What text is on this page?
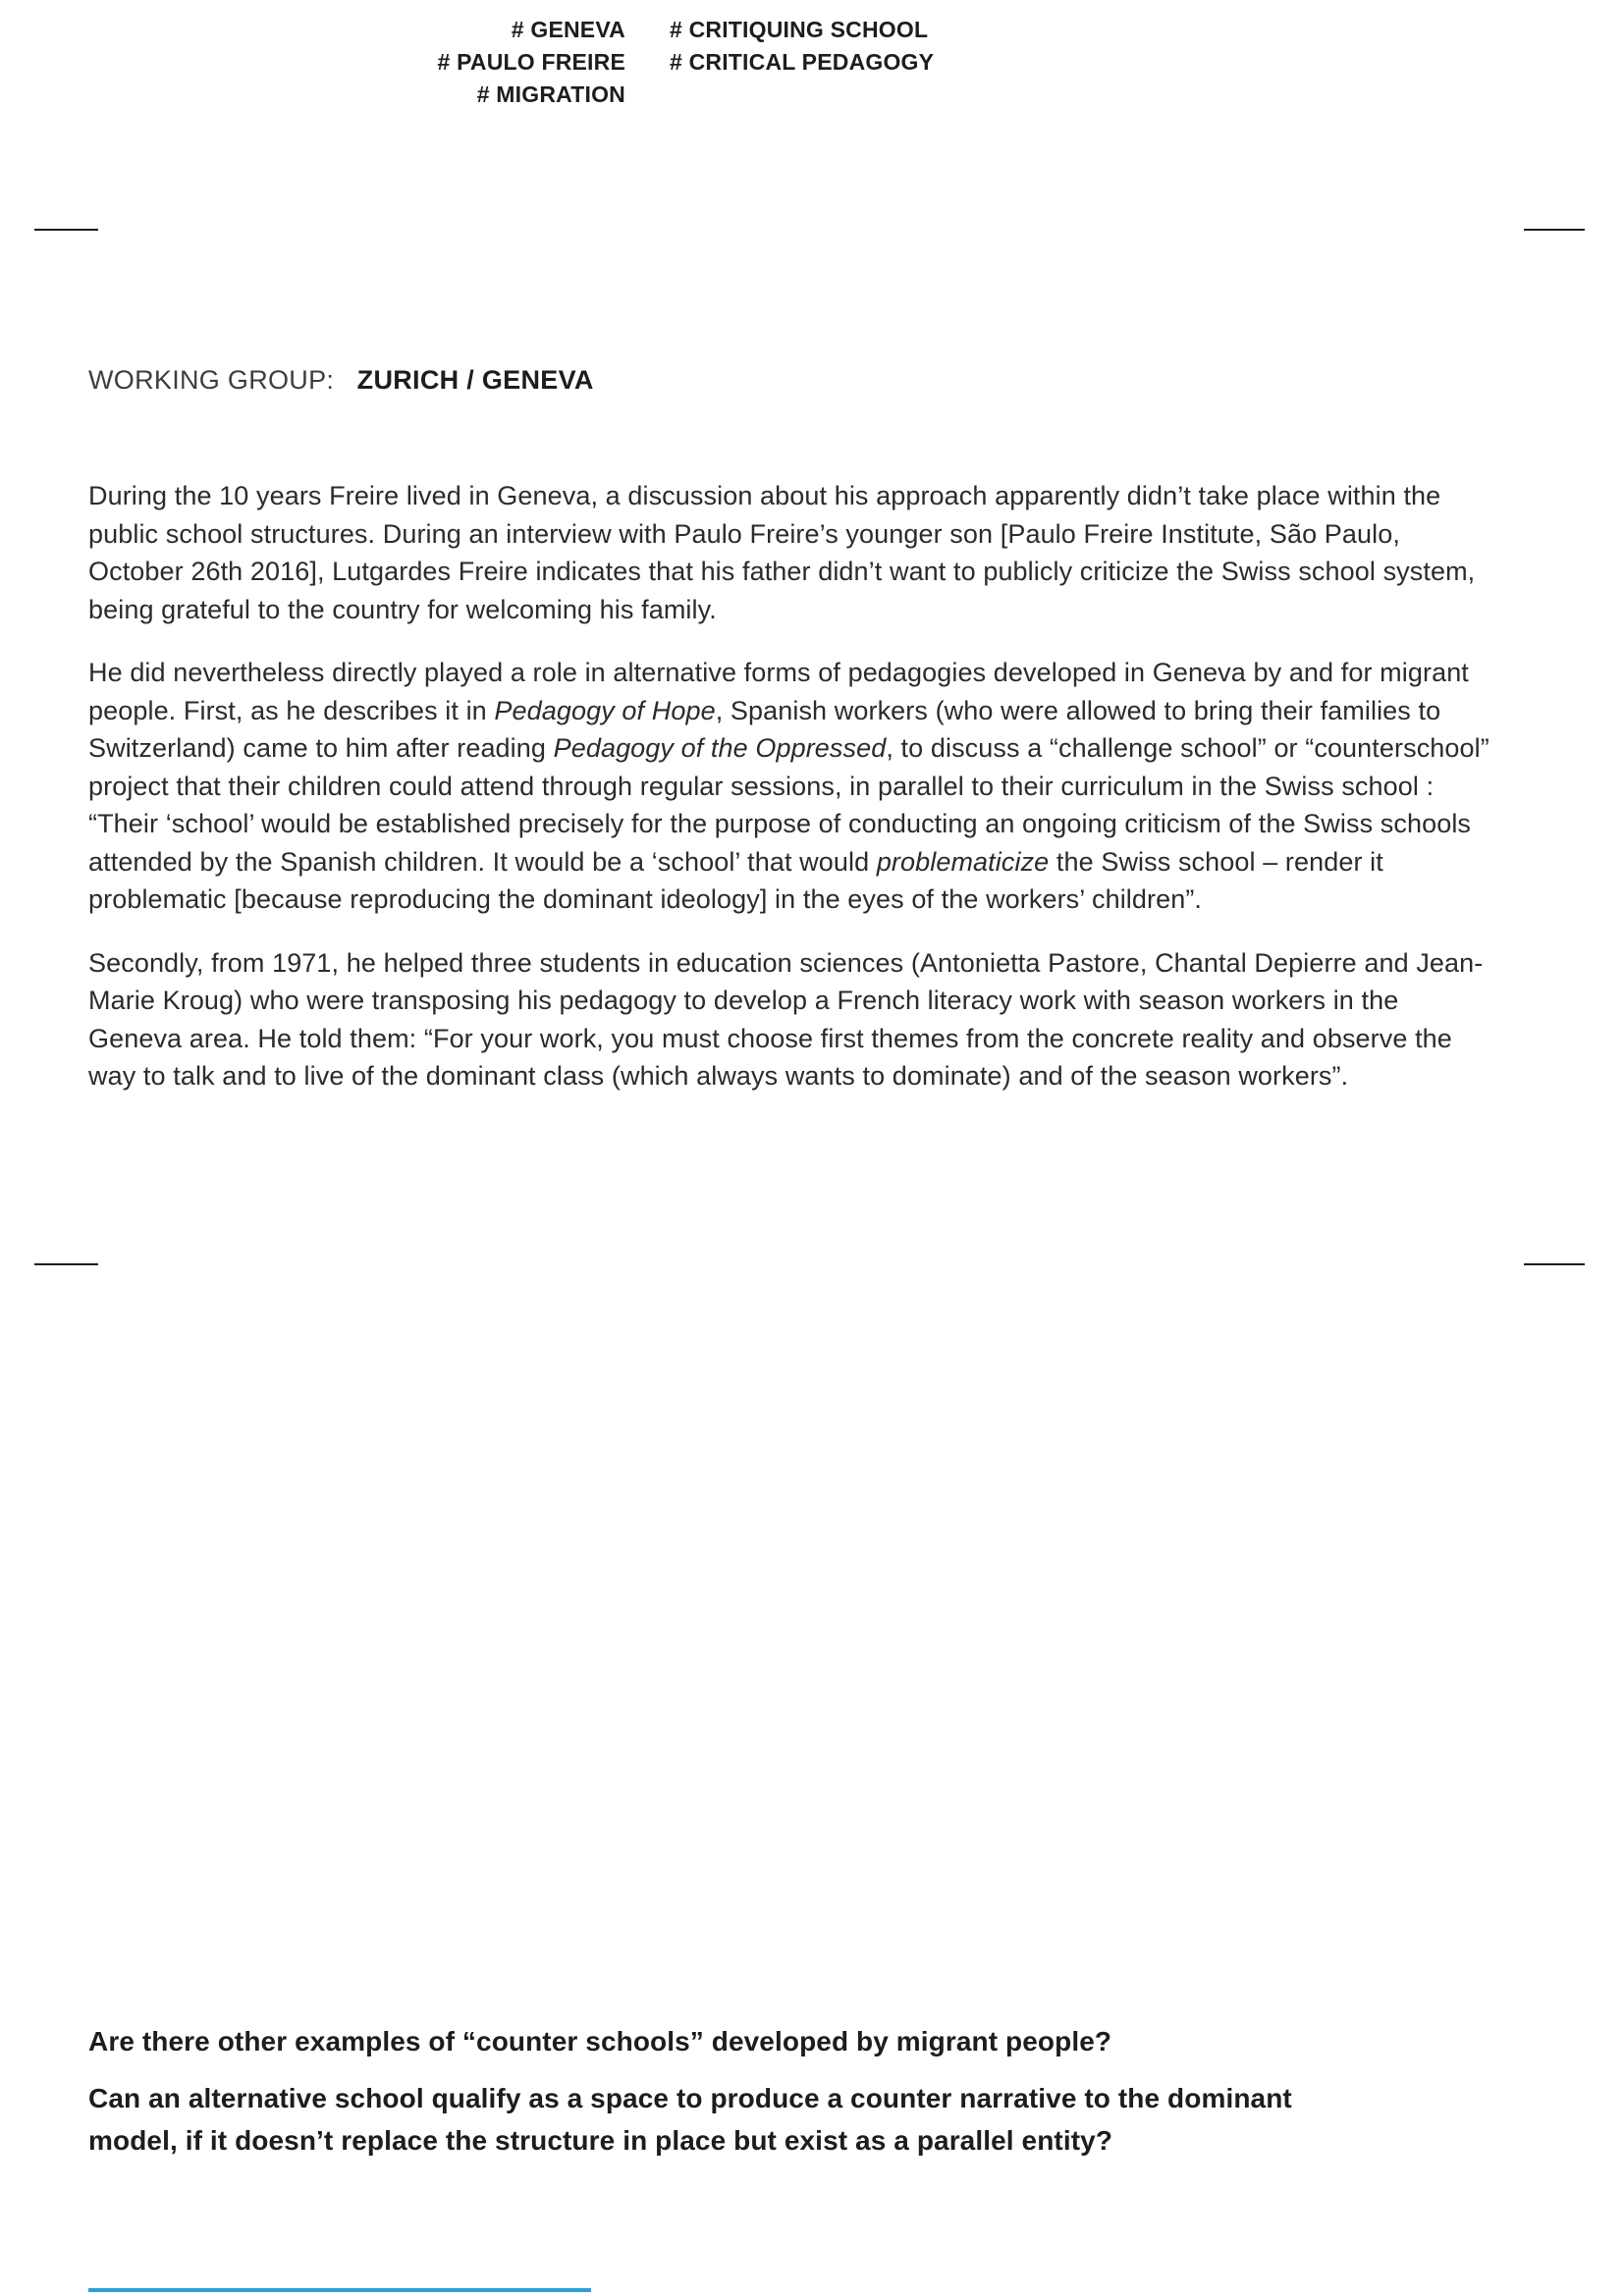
# GENEVA
# PAULO FREIRE
# MIGRATION
# CRITIQUING SCHOOL
# CRITICAL PEDAGOGY
WORKING GROUP: ZURICH / GENEVA

During the 10 years Freire lived in Geneva, a discussion about his approach apparently didn’t take place within the public school structures. During an interview with Paulo Freire’s younger son [Paulo Freire Institute, São Paulo, October 26th 2016], Lutgardes Freire indicates that his father didn’t want to publicly criticize the Swiss school system, being grateful to the country for welcoming his family.

He did nevertheless directly played a role in alternative forms of pedagogies developed in Geneva by and for migrant people. First, as he describes it in Pedagogy of Hope, Spanish workers (who were allowed to bring their families to Switzerland) came to him after reading Pedagogy of the Oppressed, to discuss a “challenge school” or “counterschool” project that their children could attend through regular sessions, in parallel to their curriculum in the Swiss school : “Their ‘school’ would be established precisely for the purpose of conducting an ongoing criticism of the Swiss schools attended by the Spanish children. It would be a ‘school’ that would problematicize the Swiss school – render it problematic [because reproducing the dominant ideology] in the eyes of the workers’ children”.

Secondly, from 1971, he helped three students in education sciences (Antonietta Pastore, Chantal Depierre and Jean-Marie Kroug) who were transposing his pedagogy to develop a French literacy work with season workers in the Geneva area. He told them: “For your work, you must choose first themes from the concrete reality and observe the way to talk and to live of the dominant class (which always wants to dominate) and of the season workers”.

Are there other examples of “counter schools” developed by migrant people?

Can an alternative school qualify as a space to produce a counter narrative to the dominant model, if it doesn’t replace the structure in place but exist as a parallel entity?
